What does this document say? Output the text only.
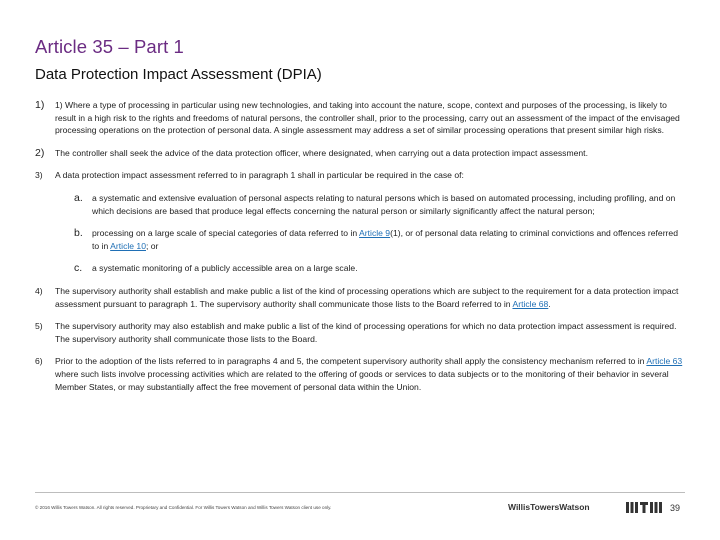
Article 35 – Part 1
Data Protection Impact Assessment (DPIA)
1) 1) Where a type of processing in particular using new technologies, and taking into account the nature, scope, context and purposes of the processing, is likely to result in a high risk to the rights and freedoms of natural persons, the controller shall, prior to the processing, carry out an assessment of the impact of the envisaged processing operations on the protection of personal data. A single assessment may address a set of similar processing operations that present similar high risks.
2) The controller shall seek the advice of the data protection officer, where designated, when carrying out a data protection impact assessment.
3) A data protection impact assessment referred to in paragraph 1 shall in particular be required in the case of:
a. a systematic and extensive evaluation of personal aspects relating to natural persons which is based on automated processing, including profiling, and on which decisions are based that produce legal effects concerning the natural person or similarly significantly affect the natural person;
b. processing on a large scale of special categories of data referred to in Article 9(1), or of personal data relating to criminal convictions and offences referred to in Article 10; or
c. a systematic monitoring of a publicly accessible area on a large scale.
4) The supervisory authority shall establish and make public a list of the kind of processing operations which are subject to the requirement for a data protection impact assessment pursuant to paragraph 1. The supervisory authority shall communicate those lists to the Board referred to in Article 68.
5) The supervisory authority may also establish and make public a list of the kind of processing operations for which no data protection impact assessment is required. The supervisory authority shall communicate those lists to the Board.
6) Prior to the adoption of the lists referred to in paragraphs 4 and 5, the competent supervisory authority shall apply the consistency mechanism referred to in Article 63 where such lists involve processing activities which are related to the offering of goods or services to data subjects or to the monitoring of their behavior in several Member States, or may substantially affect the free movement of personal data within the Union.
© 2016 Willis Towers Watson. All rights reserved. Proprietary and Confidential. For Willis Towers Watson and Willis Towers Watson client use only.	WillisTowersWatson	39
